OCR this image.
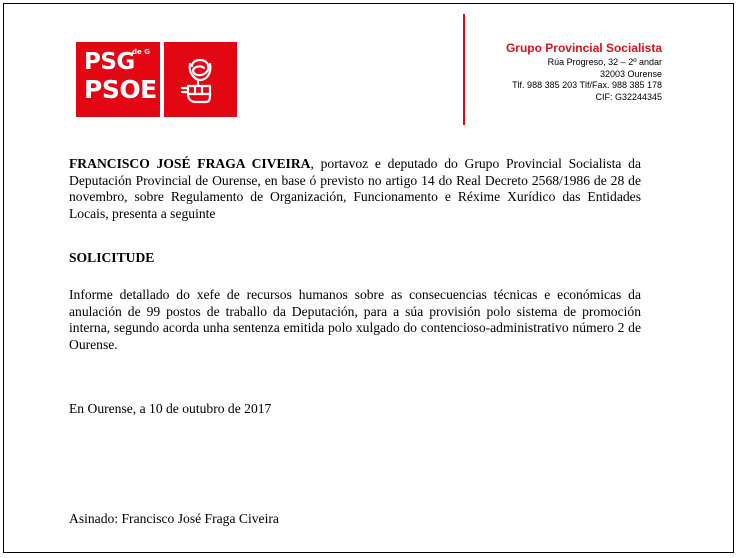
PSG
de G
PSOE
Grupo Provincial Socialista
Rúa Progreso, 32 – 2º andar
32003 Ourense
Tlf. 988 385 203 Tlf/Fax. 988 385 178
CIF: G32244345
FRANCISCO JOSÉ FRAGA CIVEIRA, portavoz e deputado do Grupo Provincial Socialista da Deputación Provincial de Ourense, en base ó previsto no artigo 14 do Real Decreto 2568/1986 de 28 de novembro, sobre Regulamento de Organización, Funcionamento e Réxime Xurídico das Entidades Locais, presenta a seguinte
SOLICITUDE
Informe detallado do xefe de recursos humanos sobre as consecuencias técnicas e económicas da anulación de 99 postos de traballo da Deputación, para a súa provisión polo sistema de promoción interna, segundo acorda unha sentenza emitida polo xulgado do contencioso-administrativo número 2 de Ourense.
En Ourense, a 10 de outubro de 2017
Asinado: Francisco José Fraga Civeira
